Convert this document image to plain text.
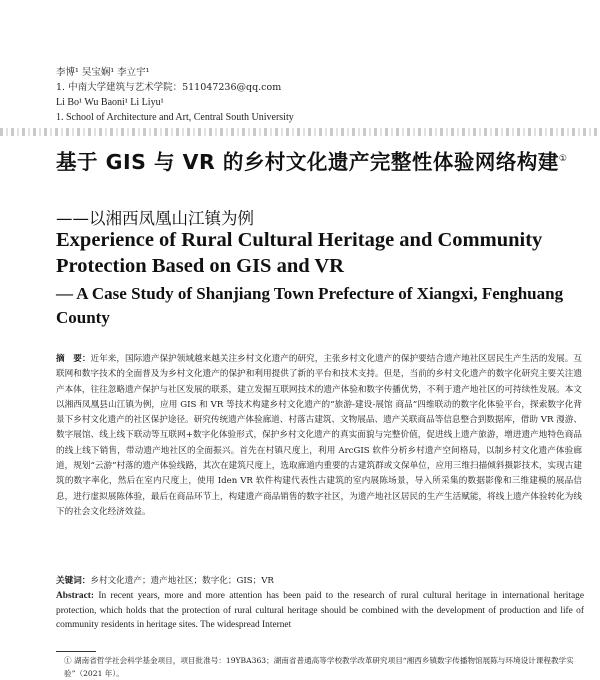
李博¹ 吴宝娴¹ 李立宇¹
1. 中南大学建筑与艺术学院：511047236@qq.com
Li Bo¹ Wu Baoni¹ Li Liyu¹
1. School of Architecture and Art, Central South University
基于 GIS 与 VR 的乡村文化遗产完整性体验网络构建①
——以湘西凤凰山江镇为例
Experience of Rural Cultural Heritage and Community Protection Based on GIS and VR
— A Case Study of Shanjiang Town Prefecture of Xiangxi, Fenghuang County
摘　要：近年来，国际遗产保护领域越来越关注乡村文化遗产的研究，主张乡村文化遗产的保护要结合遗产地社区居民生产生活的发展。互联网和数字技术的全面普及为乡村文化遗产的保护和利用提供了新的平台和技术支持。但是，当前的乡村文化遗产的数字化研究主要关注遗产本体，往往忽略遗产保护与社区发展的联系，建立发掘互联网技术的遗产体验和数字传播优势，不利于遗产地社区的可持续性发展。本文以湘西凤凰县山江镇为例，应用 GIS 和 VR 等技术构建乡村文化遗产的“旅游-建设-展馆 商品”四维联动的数字化体验平台，探索数字化背景下乡村文化遗产的社区保护途径。研究传统遗产体验廊道、村落古建筑、文物展品、遗产关联商品等信息整合到数据库，借助 VR 漫游、数字展馆、线上线下联动等互联网+数字化体验形式，保护乡村文化遗产的真实面貌与完整价值，促进线上遗产旅游，增进遗产地特色商品的线上线下销售，带动遗产地社区的全面振兴。首先在村镇尺度上，利用 ArcGIS 软件分析乡村遗产空间格局，以制乡村文化遗产体验廊道，规划“云游”村落的遗产体验线路，其次在建筑尺度上，选取廊道内重要的古建筑群或文保单位，应用三维扫描倾斜摄影技术，实现古建筑的数字率化，然后在室内尺度上，使用 Iden VR 软件构建代表性古建筑的室内展陈场景，导入所采集的数据影像和三维建模的展品信息，进行虚拟展陈体验，最后在商品环节上，构建遗产商品销售的数字社区，为遗产地社区居民的生产生活赋能，将线上遗产体验转化为线下的社会文化经济效益。
关键词：乡村文化遗产；遗产地社区；数字化；GIS；VR
Abstract: In recent years, more and more attention has been paid to the research of rural cultural heritage in international heritage protection, which holds that the protection of rural cultural heritage should be combined with the development of production and life of community residents in heritage sites. The widespread Internet
① 湖南省哲学社会科学基金项目，项目批准号：19YBA363；湖南省普通高等学校教学改革研究项目“湘西乡镇数字传播物馆展陈与环境设计课程教学实验”（2021 年）。
